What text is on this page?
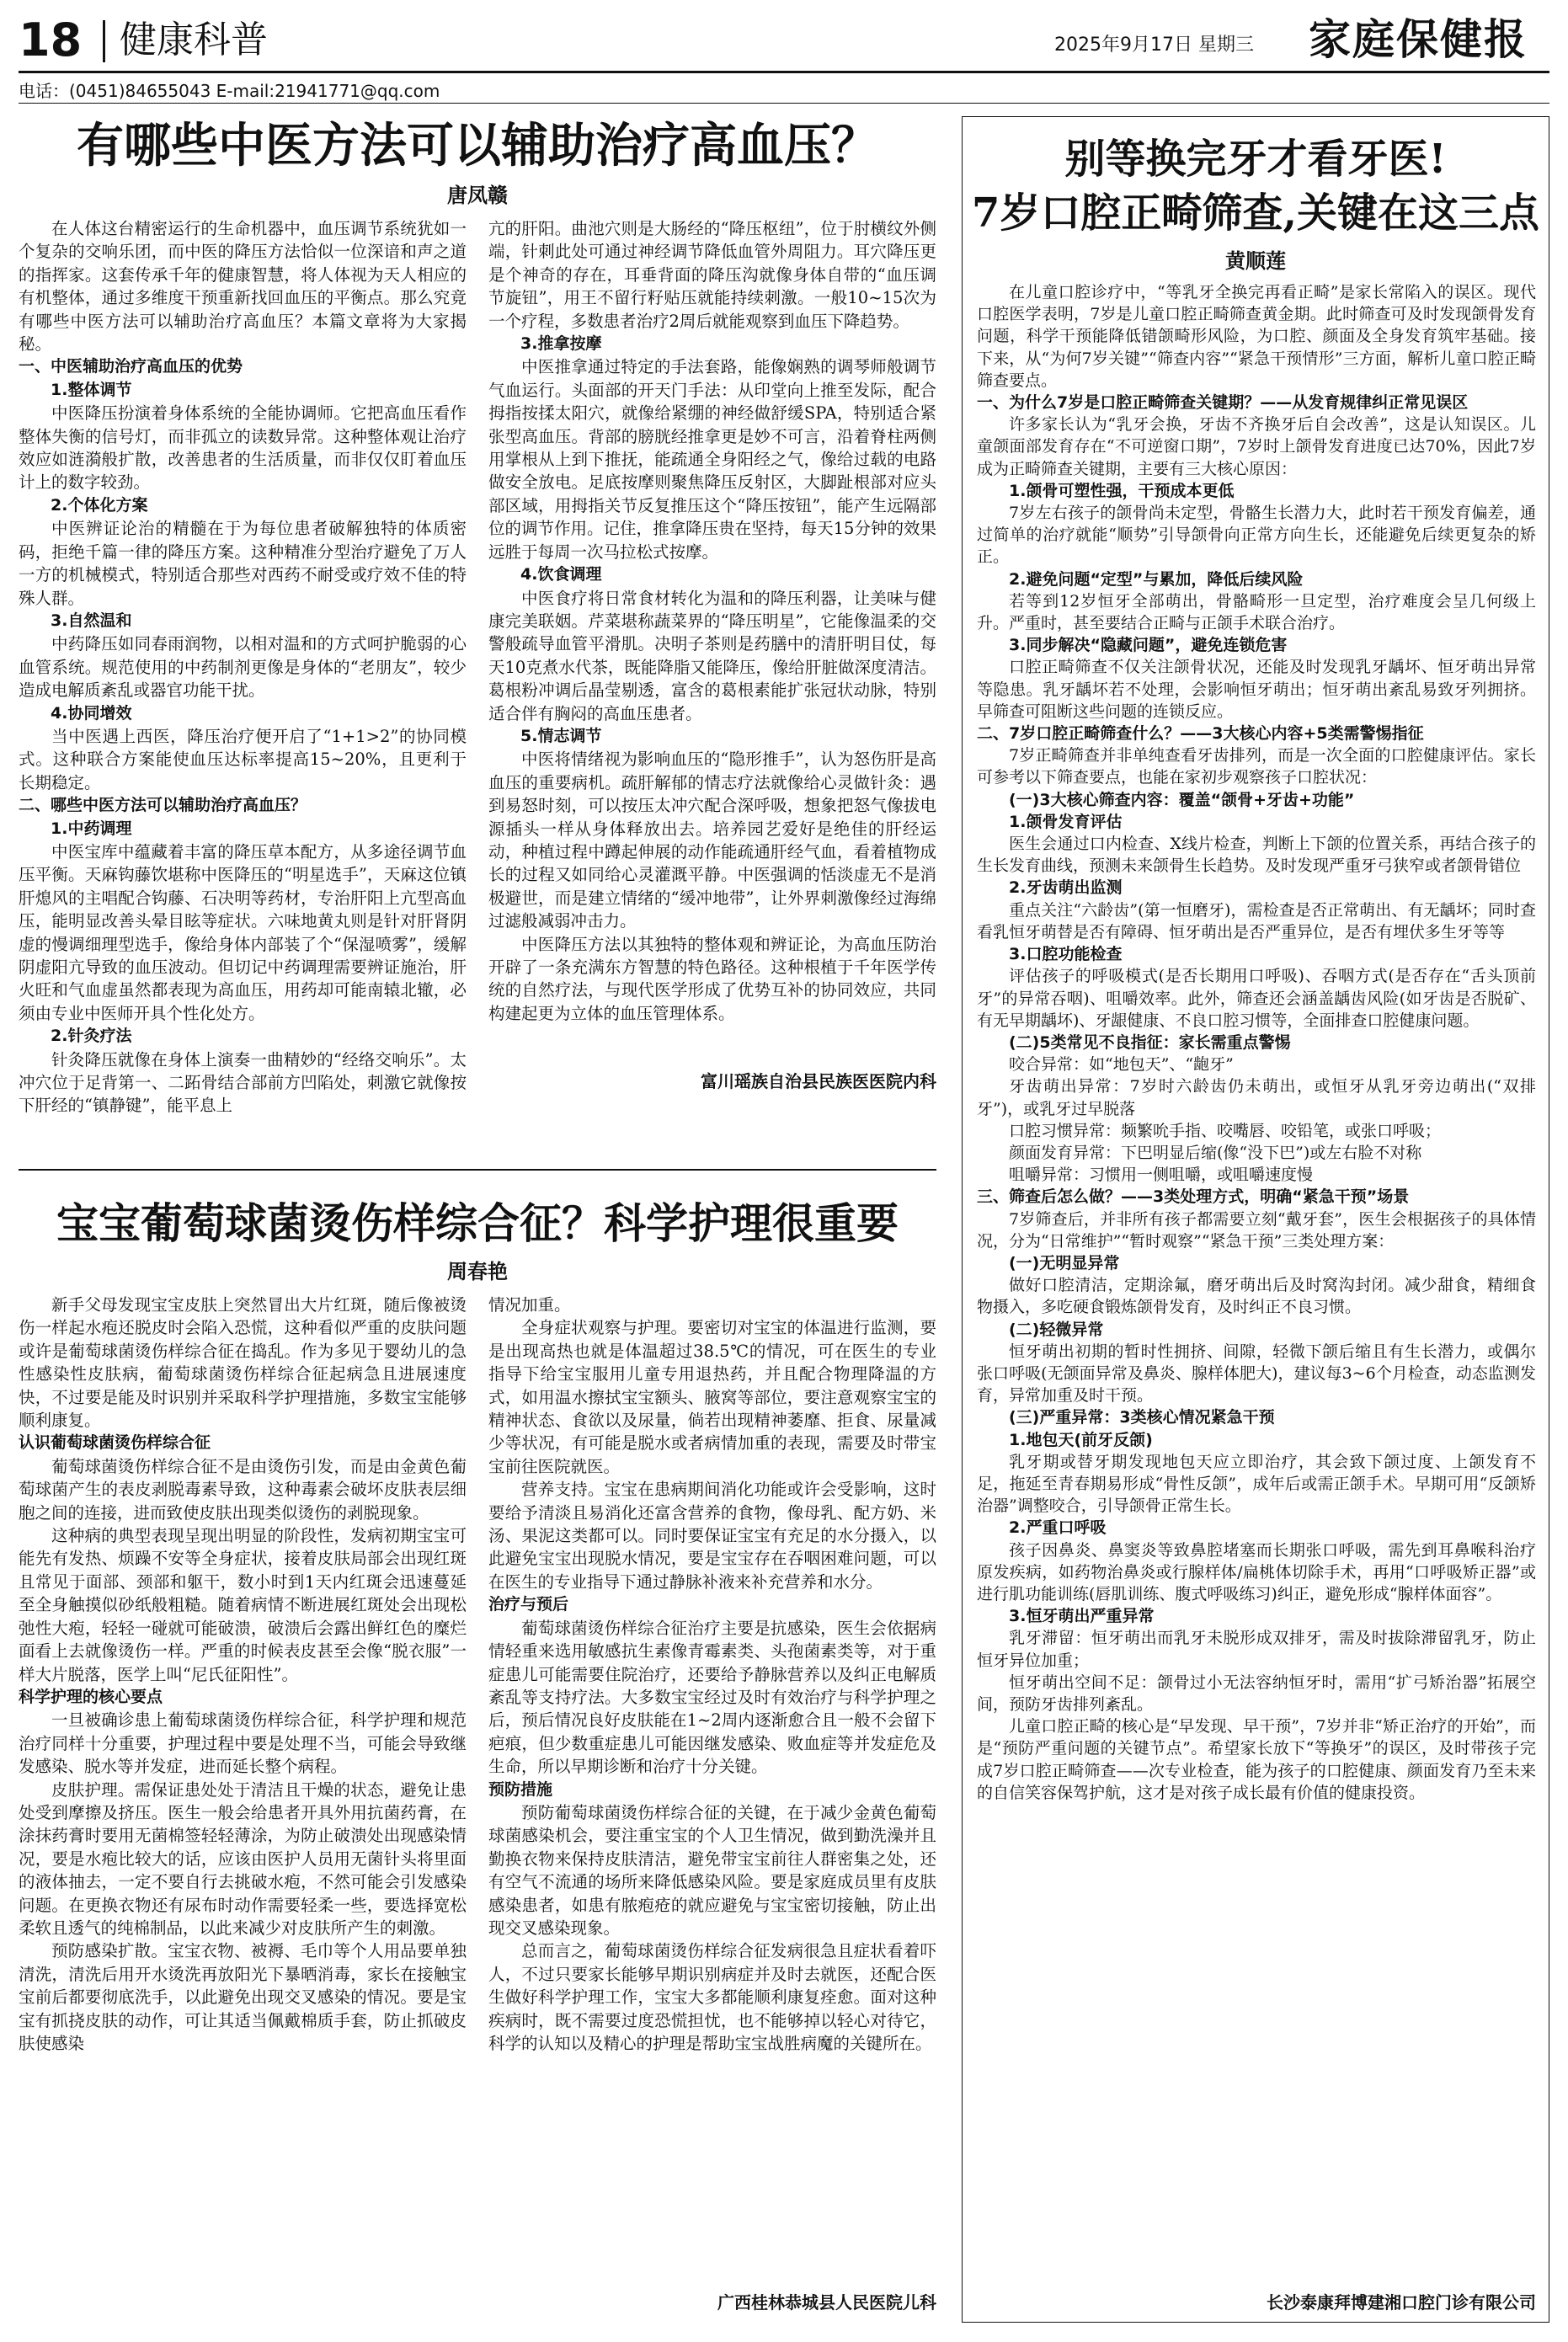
18 健康科普	2025年9月17日 星期三 家庭保健报
电话：(0451)84655043 E-mail:21941771@qq.com
有哪些中医方法可以辅助治疗高血压？
唐凤赣

在人体这台精密运行的生命机器中，血压调节系统犹如一个复杂的交响乐团，而中医的降压方法恰似一位深谙和声之道的指挥家。这套传承千年的健康智慧，将人体视为天人相应的有机整体，通过多维度干预重新找回血压的平衡点。那么究竟有哪些中医方法可以辅助治疗高血压？本篇文章将为大家揭秘。

一、中医辅助治疗高血压的优势

1.整体调节

中医降压扮演着身体系统的全能协调师。它把高血压看作整体失衡的信号灯，而非孤立的读数异常。这种整体观让治疗效应如涟漪般扩散，改善患者的生活质量，而非仅仅盯着血压计上的数字较劲。

2.个体化方案

中医辨证论治的精髓在于为每位患者破解独特的体质密码，拒绝千篇一律的降压方案。这种精准分型治疗避免了万人一方的机械模式，特别适合那些对西药不耐受或疗效不佳的特殊人群。

3.自然温和

中药降压如同春雨润物，以相对温和的方式呵护脆弱的心血管系统。规范使用的中药制剂更像是身体的“老朋友”，较少造成电解质紊乱或器官功能干扰。

4.协同增效

当中医遇上西医，降压治疗便开启了“1+1>2”的协同模式。这种联合方案能使血压达标率提高15~20%，且更利于长期稳定。

二、哪些中医方法可以辅助治疗高血压？

1.中药调理

中医宝库中蕴藏着丰富的降压草本配方，从多途径调节血压平衡。天麻钩藤饮堪称中医降压的“明星选手”，天麻这位镇肝熄风的主唱配合钩藤、石决明等药材，专治肝阳上亢型高血压，能明显改善头晕目眩等症状。六味地黄丸则是针对肝肾阴虚的慢调细理型选手，像给身体内部装了个“保湿喷雾”，缓解阴虚阳亢导致的血压波动。但切记中药调理需要辨证施治，肝火旺和气血虚虽然都表现为高血压，用药却可能南辕北辙，必须由专业中医师开具个性化处方。

2.针灸疗法

针灸降压就像在身体上演奏一曲精妙的“经络交响乐”。太冲穴位于足背第一、二跖骨结合部前方凹陷处，刺激它就像按下肝经的“镇静键”，能平息上

亢的肝阳。曲池穴则是大肠经的“降压枢纽”，位于肘横纹外侧端，针刺此处可通过神经调节降低血管外周阻力。耳穴降压更是个神奇的存在，耳垂背面的降压沟就像身体自带的“血压调节旋钮”，用王不留行籽贴压就能持续刺激。一般10~15次为一个疗程，多数患者治疗2周后就能观察到血压下降趋势。

3.推拿按摩

中医推拿通过特定的手法套路，能像娴熟的调琴师般调节气血运行。头面部的开天门手法：从印堂向上推至发际，配合拇指按揉太阳穴，就像给紧绷的神经做舒缓SPA，特别适合紧张型高血压。背部的膀胱经推拿更是妙不可言，沿着脊柱两侧用掌根从上到下推抚，能疏通全身阳经之气，像给过载的电路做安全放电。足底按摩则聚焦降压反射区，大脚趾根部对应头部区域，用拇指关节反复推压这个“降压按钮”，能产生远隔部位的调节作用。记住，推拿降压贵在坚持，每天15分钟的效果远胜于每周一次马拉松式按摩。

4.饮食调理

中医食疗将日常食材转化为温和的降压利器，让美味与健康完美联姻。芹菜堪称蔬菜界的“降压明星”，它能像温柔的交警般疏导血管平滑肌。决明子茶则是药膳中的清肝明目仗，每天10克煮水代茶，既能降脂又能降压，像给肝脏做深度清洁。葛根粉冲调后晶莹剔透，富含的葛根素能扩张冠状动脉，特别适合伴有胸闷的高血压患者。

5.情志调节

中医将情绪视为影响血压的“隐形推手”，认为怒伤肝是高血压的重要病机。疏肝解郁的情志疗法就像给心灵做针灸：遇到易怒时刻，可以按压太冲穴配合深呼吸，想象把怒气像拔电源插头一样从身体释放出去。培养园艺爱好是绝佳的肝经运动，种植过程中蹲起伸展的动作能疏通肝经气血，看着植物成长的过程又如同给心灵灌溉平静。中医强调的恬淡虚无不是消极避世，而是建立情绪的“缓冲地带”，让外界刺激像经过海绵过滤般减弱冲击力。

中医降压方法以其独特的整体观和辨证论，为高血压防治开辟了一条充满东方智慧的特色路径。这种根植于千年医学传统的自然疗法，与现代医学形成了优势互补的协同效应，共同构建起更为立体的血压管理体系。

富川瑶族自治县民族医医院内科
宝宝葡萄球菌烫伤样综合征？科学护理很重要
周春艳

新手父母发现宝宝皮肤上突然冒出大片红斑，随后像被烫伤一样起水疱还脱皮时会陷入恐慌，这种看似严重的皮肤问题或许是葡萄球菌烫伤样综合征在捣乱。作为多见于婴幼儿的急性感染性皮肤病，葡萄球菌烫伤样综合征起病急且进展速度快，不过要是能及时识别并采取科学护理措施，多数宝宝能够顺利康复。

认识葡萄球菌烫伤样综合征

葡萄球菌烫伤样综合征不是由烫伤引发，而是由金黄色葡萄球菌产生的表皮剥脱毒素导致，这种毒素会破坏皮肤表层细胞之间的连接，进而致使皮肤出现类似烫伤的剥脱现象。

这种病的典型表现呈现出明显的阶段性，发病初期宝宝可能先有发热、烦躁不安等全身症状，接着皮肤局部会出现红斑且常见于面部、颈部和躯干，数小时到1天内红斑会迅速蔓延至全身触摸似砂纸般粗糙。随着病情不断进展红斑处会出现松弛性大疱，轻轻一碰就可能破溃，破溃后会露出鲜红色的糜烂面看上去就像烫伤一样。严重的时候表皮甚至会像“脱衣服”一样大片脱落，医学上叫“尼氏征阳性”。

科学护理的核心要点

一旦被确诊患上葡萄球菌烫伤样综合征，科学护理和规范治疗同样十分重要，护理过程中要是处理不当，可能会导致继发感染、脱水等并发症，进而延长整个病程。

皮肤护理。需保证患处处于清洁且干燥的状态，避免让患处受到摩擦及挤压。医生一般会给患者开具外用抗菌药膏，在涂抹药膏时要用无菌棉签轻轻薄涂，为防止破溃处出现感染情况，要是水疱比较大的话，应该由医护人员用无菌针头将里面的液体抽去，一定不要自行去挑破水疱，不然可能会引发感染问题。在更换衣物还有尿布时动作需要轻柔一些，要选择宽松柔软且透气的纯棉制品，以此来减少对皮肤所产生的刺激。

预防感染扩散。宝宝衣物、被褥、毛巾等个人用品要单独清洗，清洗后用开水烫洗再放阳光下暴晒消毒，家长在接触宝宝前后都要彻底洗手，以此避免出现交叉感染的情况。要是宝宝有抓挠皮肤的动作，可让其适当佩戴棉质手套，防止抓破皮肤使感染

情况加重。

全身症状观察与护理。要密切对宝宝的体温进行监测，要是出现高热也就是体温超过38.5℃的情况，可在医生的专业指导下给宝宝服用儿童专用退热药，并且配合物理降温的方式，如用温水擦拭宝宝额头、腋窝等部位，要注意观察宝宝的精神状态、食欲以及尿量，倘若出现精神萎靡、拒食、尿量减少等状况，有可能是脱水或者病情加重的表现，需要及时带宝宝前往医院就医。

营养支持。宝宝在患病期间消化功能或许会受影响，这时要给予清淡且易消化还富含营养的食物，像母乳、配方奶、米汤、果泥这类都可以。同时要保证宝宝有充足的水分摄入，以此避免宝宝出现脱水情况，要是宝宝存在吞咽困难问题，可以在医生的专业指导下通过静脉补液来补充营养和水分。

治疗与预后

葡萄球菌烫伤样综合征治疗主要是抗感染，医生会依据病情轻重来选用敏感抗生素像青霉素类、头孢菌素类等，对于重症患儿可能需要住院治疗，还要给予静脉营养以及纠正电解质紊乱等支持疗法。大多数宝宝经过及时有效治疗与科学护理之后，预后情况良好皮肤能在1~2周内逐渐愈合且一般不会留下疤痕，但少数重症患儿可能因继发感染、败血症等并发症危及生命，所以早期诊断和治疗十分关键。

预防措施

预防葡萄球菌烫伤样综合征的关键，在于减少金黄色葡萄球菌感染机会，要注重宝宝的个人卫生情况，做到勤洗澡并且勤换衣物来保持皮肤清洁，避免带宝宝前往人群密集之处，还有空气不流通的场所来降低感染风险。要是家庭成员里有皮肤感染患者，如患有脓疱疮的就应避免与宝宝密切接触，防止出现交叉感染现象。

总而言之，葡萄球菌烫伤样综合征发病很急且症状看着吓人，不过只要家长能够早期识别病症并及时去就医，还配合医生做好科学护理工作，宝宝大多都能顺利康复痊愈。面对这种疾病时，既不需要过度恐慌担忧，也不能够掉以轻心对待它，科学的认知以及精心的护理是帮助宝宝战胜病魔的关键所在。

广西桂林恭城县人民医院儿科
别等换完牙才看牙医!
7岁口腔正畸筛查,关键在这三点
黄顺莲

在儿童口腔诊疗中，“等乳牙全换完再看正畸”是家长常陷入的误区。现代口腔医学表明，7岁是儿童口腔正畸筛查黄金期。此时筛查可及时发现颌骨发育问题，科学干预能降低错颌畸形风险，为口腔、颜面及全身发育筑牢基础。接下来，从“为何7岁关键”“筛查内容”“紧急干预情形”三方面，解析儿童口腔正畸筛查要点。

一、为什么7岁是口腔正畸筛查关键期？——从发育规律纠正常见误区

许多家长认为“乳牙会换，牙齿不齐换牙后自会改善”，这是认知误区。儿童颌面部发育存在“不可逆窗口期”，7岁时上颌骨发育进度已达70%，因此7岁成为正畸筛查关键期，主要有三大核心原因：

1.颌骨可塑性强，干预成本更低

7岁左右孩子的颌骨尚未定型，骨骼生长潜力大，此时若干预发育偏差，通过简单的治疗就能“顺势”引导颌骨向正常方向生长，还能避免后续更复杂的矫正。

2.避免问题“定型”与累加，降低后续风险

若等到12岁恒牙全部萌出，骨骼畸形一旦定型，治疗难度会呈几何级上升。严重时，甚至要结合正畸与正颌手术联合治疗。

3.同步解决“隐藏问题”，避免连锁危害

口腔正畸筛查不仅关注颌骨状况，还能及时发现乳牙龋坏、恒牙萌出异常等隐患。乳牙龋坏若不处理，会影响恒牙萌出；恒牙萌出紊乱易致牙列拥挤。早筛查可阻断这些问题的连锁反应。

二、7岁口腔正畸筛查什么？——3大核心内容+5类需警惕指征

7岁正畸筛查并非单纯查看牙齿排列，而是一次全面的口腔健康评估。家长可参考以下筛查要点，也能在家初步观察孩子口腔状况：

(一)3大核心筛查内容：覆盖“颌骨+牙齿+功能”

1.颌骨发育评估

医生会通过口内检查、X线片检查，判断上下颌的位置关系，再结合孩子的生长发育曲线，预测未来颌骨生长趋势。及时发现严重牙弓狭窄或者颌骨错位

2.牙齿萌出监测

重点关注“六龄齿”(第一恒磨牙)，需检查是否正常萌出、有无龋坏；同时查看乳恒牙萌替是否有障碍、恒牙萌出是否严重异位，是否有埋伏多生牙等等

3.口腔功能检查

评估孩子的呼吸模式(是否长期用口呼吸)、吞咽方式(是否存在“舌头顶前牙”的异常吞咽)、咀嚼效率。此外，筛查还会涵盖龋齿风险(如牙齿是否脱矿、有无早期龋坏)、牙龈健康、不良口腔习惯等，全面排查口腔健康问题。

(二)5类常见不良指征：家长需重点警惕

咬合异常：如“地包天”、“龅牙”

牙齿萌出异常：7岁时六龄齿仍未萌出，或恒牙从乳牙旁边萌出(“双排牙”)，或乳牙过早脱落

口腔习惯异常：频繁吮手指、咬嘴唇、咬铅笔，或张口呼吸；

颜面发育异常：下巴明显后缩(像“没下巴”)或左右脸不对称

咀嚼异常：习惯用一侧咀嚼，或咀嚼速度慢

三、筛查后怎么做？——3类处理方式，明确“紧急干预”场景

7岁筛查后，并非所有孩子都需要立刻“戴牙套”，医生会根据孩子的具体情况，分为“日常维护”“暂时观察”“紧急干预”三类处理方案：

(一)无明显异常

做好口腔清洁，定期涂氟，磨牙萌出后及时窝沟封闭。减少甜食，精细食物摄入，多吃硬食锻炼颌骨发育，及时纠正不良习惯。

(二)轻微异常

恒牙萌出初期的暂时性拥挤、间隙，轻微下颌后缩且有生长潜力，或偶尔张口呼吸(无颌面异常及鼻炎、腺样体肥大)，建议每3~6个月检查，动态监测发育，异常加重及时干预。

(三)严重异常：3类核心情况紧急干预

1.地包天(前牙反颌)

乳牙期或替牙期发现地包天应立即治疗，其会致下颌过度、上颌发育不足，拖延至青春期易形成“骨性反颌”，成年后或需正颌手术。早期可用“反颌矫治器”调整咬合，引导颌骨正常生长。

2.严重口呼吸

孩子因鼻炎、鼻窦炎等致鼻腔堵塞而长期张口呼吸，需先到耳鼻喉科治疗原发疾病，如药物治鼻炎或行腺样体/扁桃体切除手术，再用“口呼吸矫正器”或进行肌功能训练(唇肌训练、腹式呼吸练习)纠正，避免形成“腺样体面容”。

3.恒牙萌出严重异常

乳牙滞留：恒牙萌出而乳牙未脱形成双排牙，需及时拔除滞留乳牙，防止恒牙异位加重；

恒牙萌出空间不足：颌骨过小无法容纳恒牙时，需用“扩弓矫治器”拓展空间，预防牙齿排列紊乱。

儿童口腔正畸的核心是“早发现、早干预”，7岁并非“矫正治疗的开始”，而是“预防严重问题的关键节点”。希望家长放下“等换牙”的误区，及时带孩子完成7岁口腔正畸筛查——次专业检查，能为孩子的口腔健康、颜面发育乃至未来的自信笑容保驾护航，这才是对孩子成长最有价值的健康投资。

长沙泰康拜博建湘口腔门诊有限公司
